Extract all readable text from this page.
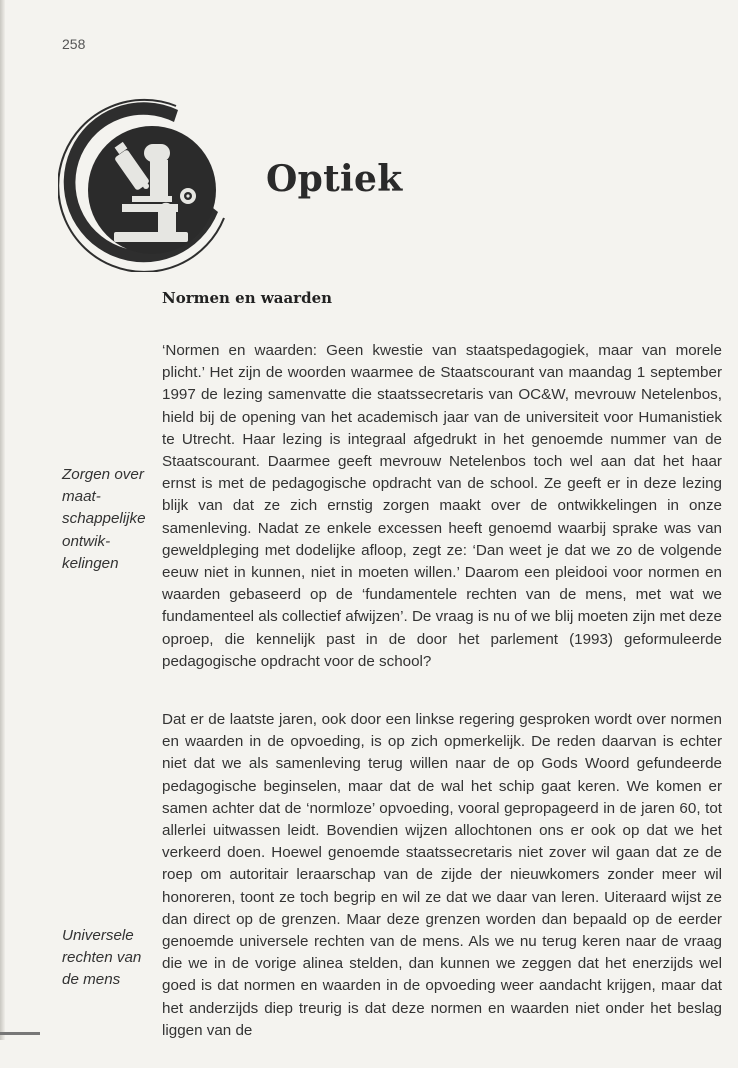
258
Optiek
Normen en waarden
Zorgen over maatschappelijke ontwikkelingen
Universele rechten van de mens

‘Normen en waarden: Geen kwestie van staatspedagogiek, maar van morele plicht.’ Het zijn de woorden waarmee de Staatscourant van maandag 1 september 1997 de lezing samenvatte die staatssecretaris van OC&W, mevrouw Netelenbos, hield bij de opening van het academisch jaar van de universiteit voor Humanistiek te Utrecht. Haar lezing is integraal afgedrukt in het genoemde nummer van de Staatscourant. Daarmee geeft mevrouw Netelenbos toch wel aan dat het haar ernst is met de pedagogische opdracht van de school. Ze geeft er in deze lezing blijk van dat ze zich ernstig zorgen maakt over de ontwikkelingen in onze samenleving. Nadat ze enkele excessen heeft genoemd waarbij sprake was van geweldpleging met dodelijke afloop, zegt ze: ‘Dan weet je dat we zo de volgende eeuw niet in kunnen, niet in moeten willen.’ Daarom een pleidooi voor normen en waarden gebaseerd op de ‘fundamentele rechten van de mens, met wat we fundamenteel als collectief afwijzen’. De vraag is nu of we blij moeten zijn met deze oproep, die kennelijk past in de door het parlement (1993) geformuleerde pedagogische opdracht voor de school?

Dat er de laatste jaren, ook door een linkse regering gesproken wordt over normen en waarden in de opvoeding, is op zich opmerkelijk. De reden daarvan is echter niet dat we als samenleving terug willen naar de op Gods Woord gefundeerde pedagogische beginselen, maar dat de wal het schip gaat keren. We komen er samen achter dat de ‘normloze’ opvoeding, vooral gepropageerd in de jaren 60, tot allerlei uitwassen leidt. Bovendien wijzen allochtonen ons er ook op dat we het verkeerd doen. Hoewel genoemde staatssecretaris niet zover wil gaan dat ze de roep om autoritair leraarschap van de zijde der nieuwkomers zonder meer wil honoreren, toont ze toch begrip en wil ze dat we daar van leren. Uiteraard wijst ze dan direct op de grenzen. Maar deze grenzen worden dan bepaald op de eerder genoemde universele rechten van de mens. Als we nu terug keren naar de vraag die we in de vorige alinea stelden, dan kunnen we zeggen dat het enerzijds wel goed is dat normen en waarden in de opvoeding weer aandacht krijgen, maar dat het anderzijds diep treurig is dat deze normen en waarden niet onder het beslag liggen van de
